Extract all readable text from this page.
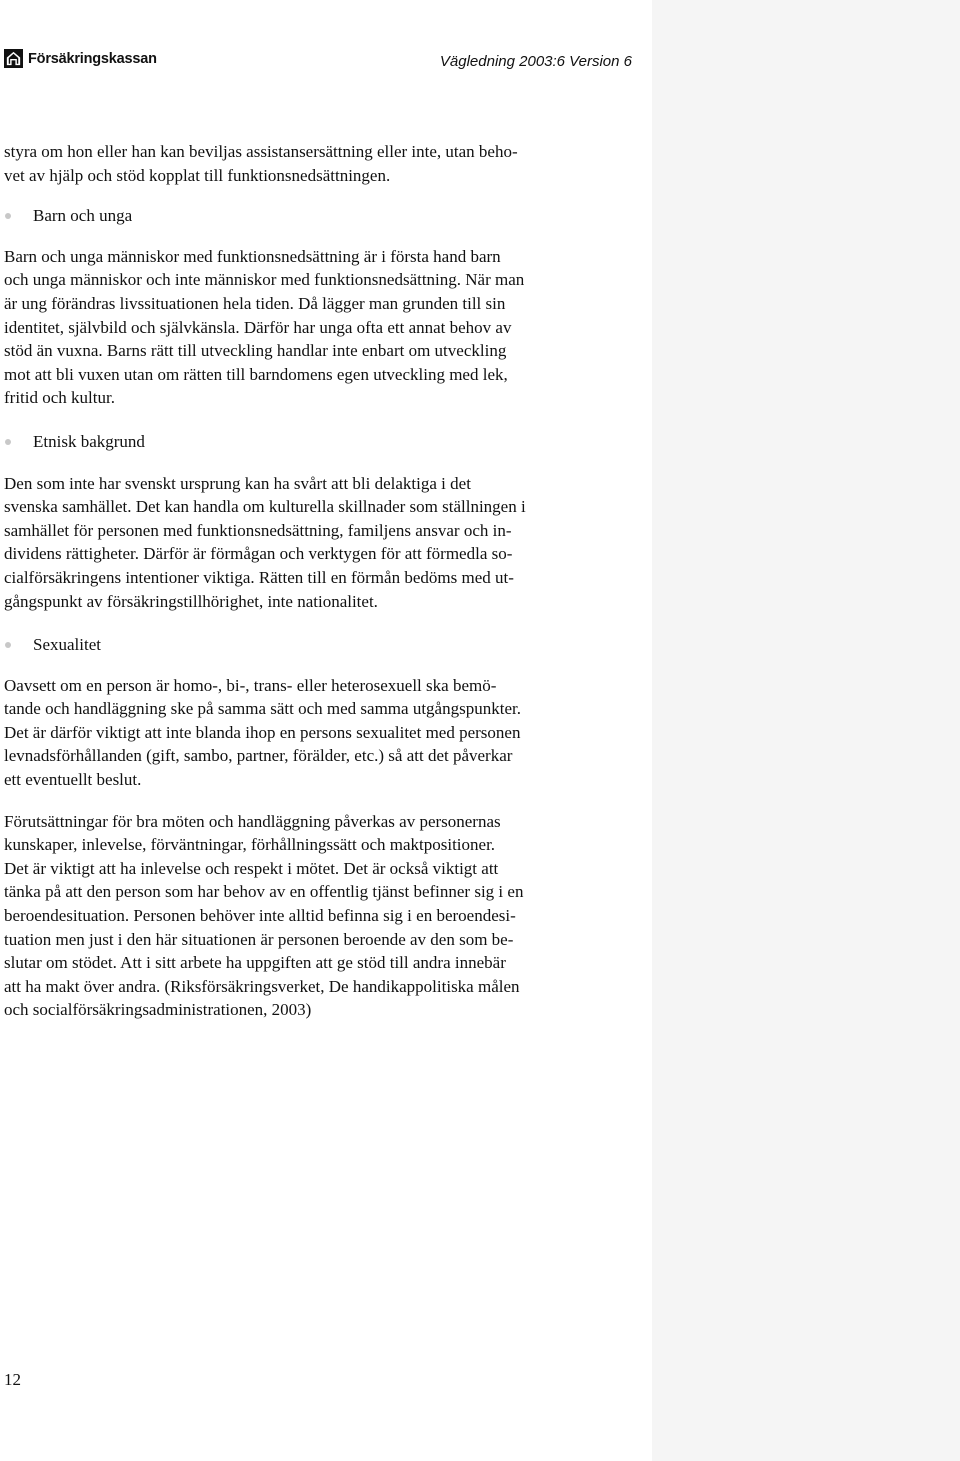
Försäkringskassan	Vägledning 2003:6 Version 6

styra om hon eller han kan beviljas assistansersättning eller inte, utan beho-
vet av hjälp och stöd kopplat till funktionsnedsättningen.

Barn och unga

Barn och unga människor med funktionsnedsättning är i första hand barn
och unga människor och inte människor med funktionsnedsättning. När man
är ung förändras livssituationen hela tiden. Då lägger man grunden till sin
identitet, självbild och självkänsla. Därför har unga ofta ett annat behov av
stöd än vuxna. Barns rätt till utveckling handlar inte enbart om utveckling
mot att bli vuxen utan om rätten till barndomens egen utveckling med lek,
fritid och kultur.

Etnisk bakgrund

Den som inte har svenskt ursprung kan ha svårt att bli delaktiga i det
svenska samhället. Det kan handla om kulturella skillnader som ställningen i
samhället för personen med funktionsnedsättning, familjens ansvar och in-
dividens rättigheter. Därför är förmågan och verktygen för att förmedla so-
cialförsäkringens intentioner viktiga. Rätten till en förmån bedöms med ut-
gångspunkt av försäkringstillhörighet, inte nationalitet.

Sexualitet

Oavsett om en person är homo-, bi-, trans- eller heterosexuell ska bemö-
tande och handläggning ske på samma sätt och med samma utgångspunkter.
Det är därför viktigt att inte blanda ihop en persons sexualitet med personen
levnadsförhållanden (gift, sambo, partner, förälder, etc.) så att det påverkar
ett eventuellt beslut.

Förutsättningar för bra möten och handläggning påverkas av personernas
kunskaper, inlevelse, förväntningar, förhållningssätt och maktpositioner.
Det är viktigt att ha inlevelse och respekt i mötet. Det är också viktigt att
tänka på att den person som har behov av en offentlig tjänst befinner sig i en
beroendesituation. Personen behöver inte alltid befinna sig i en beroendesi-
tuation men just i den här situationen är personen beroende av den som be-
slutar om stödet. Att i sitt arbete ha uppgiften att ge stöd till andra innebär
att ha makt över andra. (Riksförsäkringsverket, De handikappolitiska målen
och socialförsäkringsadministrationen, 2003)

12
